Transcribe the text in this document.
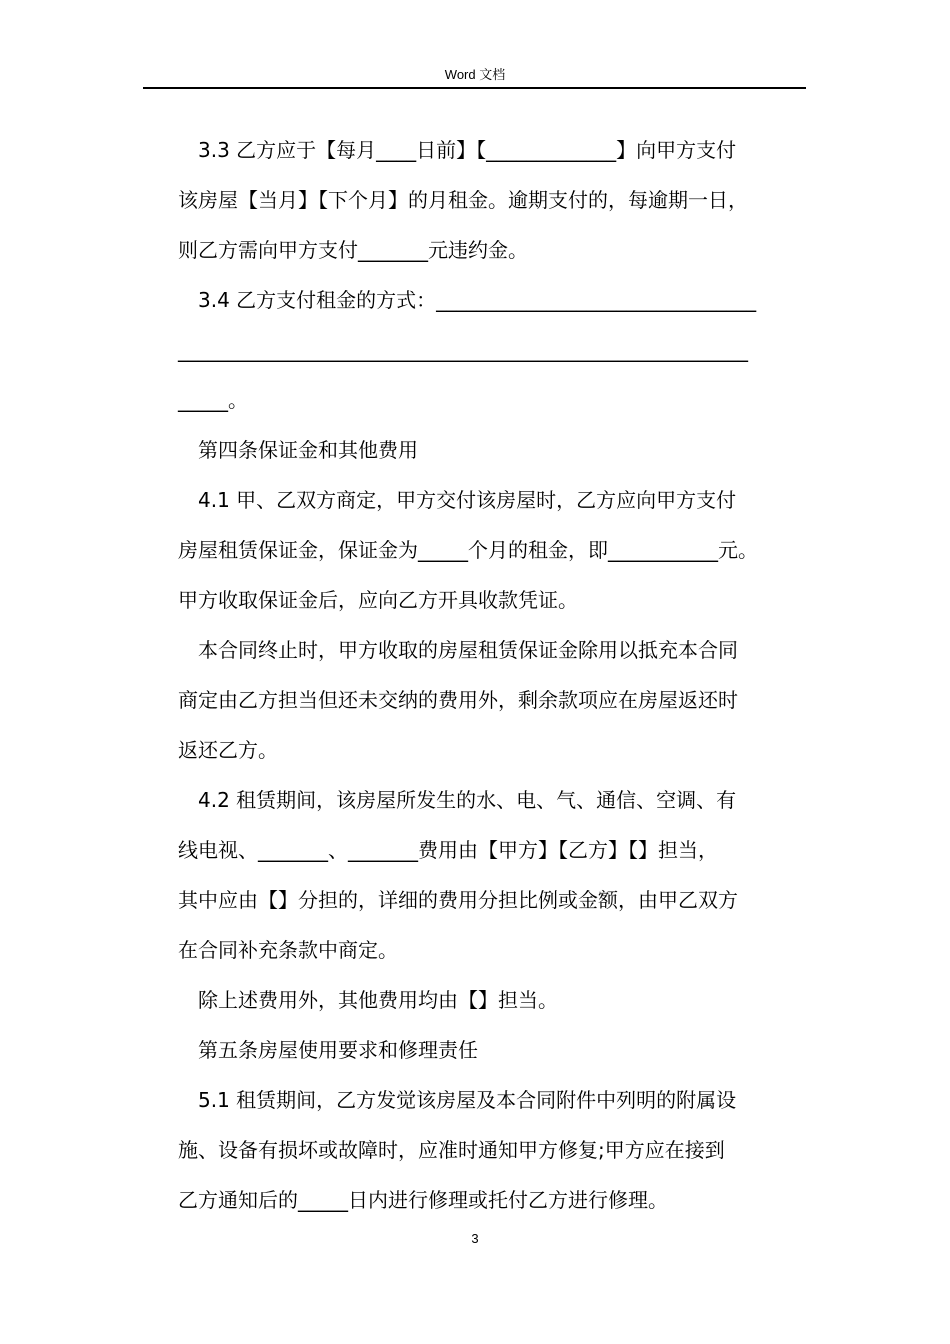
Word 文档
3.3 乙方应于【每月____日前】【_____________】向甲方支付
该房屋【当月】【下个月】的月租金。逾期支付的，每逾期一日，
则乙方需向甲方支付_______元违约金。
3.4 乙方支付租金的方式：________________________________
_________________________________________________________
_____。
第四条保证金和其他费用
4.1 甲、乙双方商定，甲方交付该房屋时，乙方应向甲方支付
房屋租赁保证金，保证金为_____个月的租金，即___________元。
甲方收取保证金后，应向乙方开具收款凭证。
本合同终止时，甲方收取的房屋租赁保证金除用以抵充本合同
商定由乙方担当但还未交纳的费用外，剩余款项应在房屋返还时
返还乙方。
4.2 租赁期间，该房屋所发生的水、电、气、通信、空调、有
线电视、_______、_______费用由【甲方】【乙方】【】担当，
其中应由【】分担的，详细的费用分担比例或金额，由甲乙双方
在合同补充条款中商定。
除上述费用外，其他费用均由【】担当。
第五条房屋使用要求和修理责任
5.1 租赁期间，乙方发觉该房屋及本合同附件中列明的附属设
施、设备有损坏或故障时，应准时通知甲方修复;甲方应在接到
乙方通知后的_____日内进行修理或托付乙方进行修理。
3
